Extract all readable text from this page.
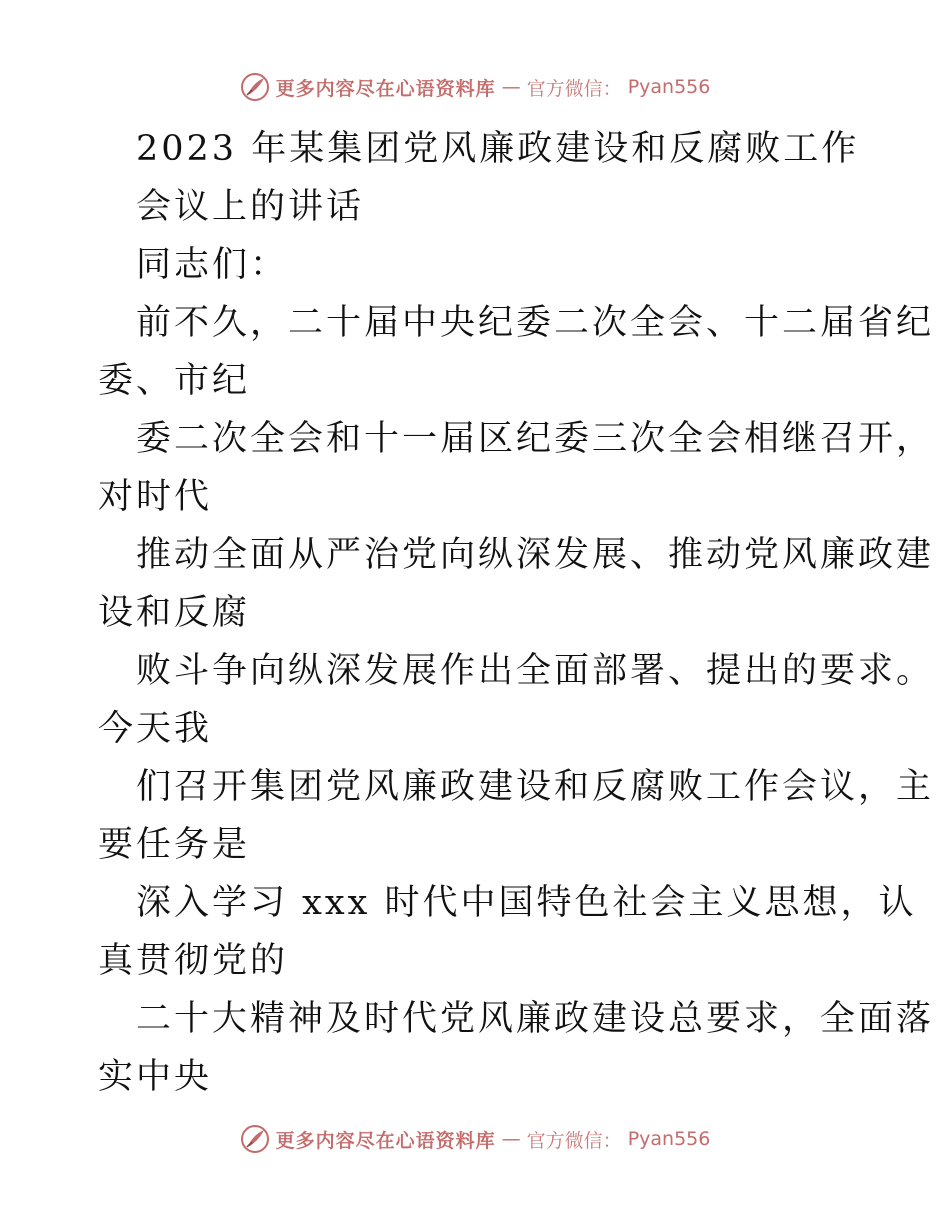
更多内容尽在心语资料库 — 官方微信： Pyan556
2023 年某集团党风廉政建设和反腐败工作
会议上的讲话
同志们：
前不久，二十届中央纪委二次全会、十二届省纪
委、市纪
委二次全会和十一届区纪委三次全会相继召开，
对时代
推动全面从严治党向纵深发展、推动党风廉政建
设和反腐
败斗争向纵深发展作出全面部署、提出的要求。
今天我
们召开集团党风廉政建设和反腐败工作会议，主
要任务是
深入学习 xxx 时代中国特色社会主义思想，认
真贯彻党的
二十大精神及时代党风廉政建设总要求，全面落
实中央
更多内容尽在心语资料库 — 官方微信： Pyan556
